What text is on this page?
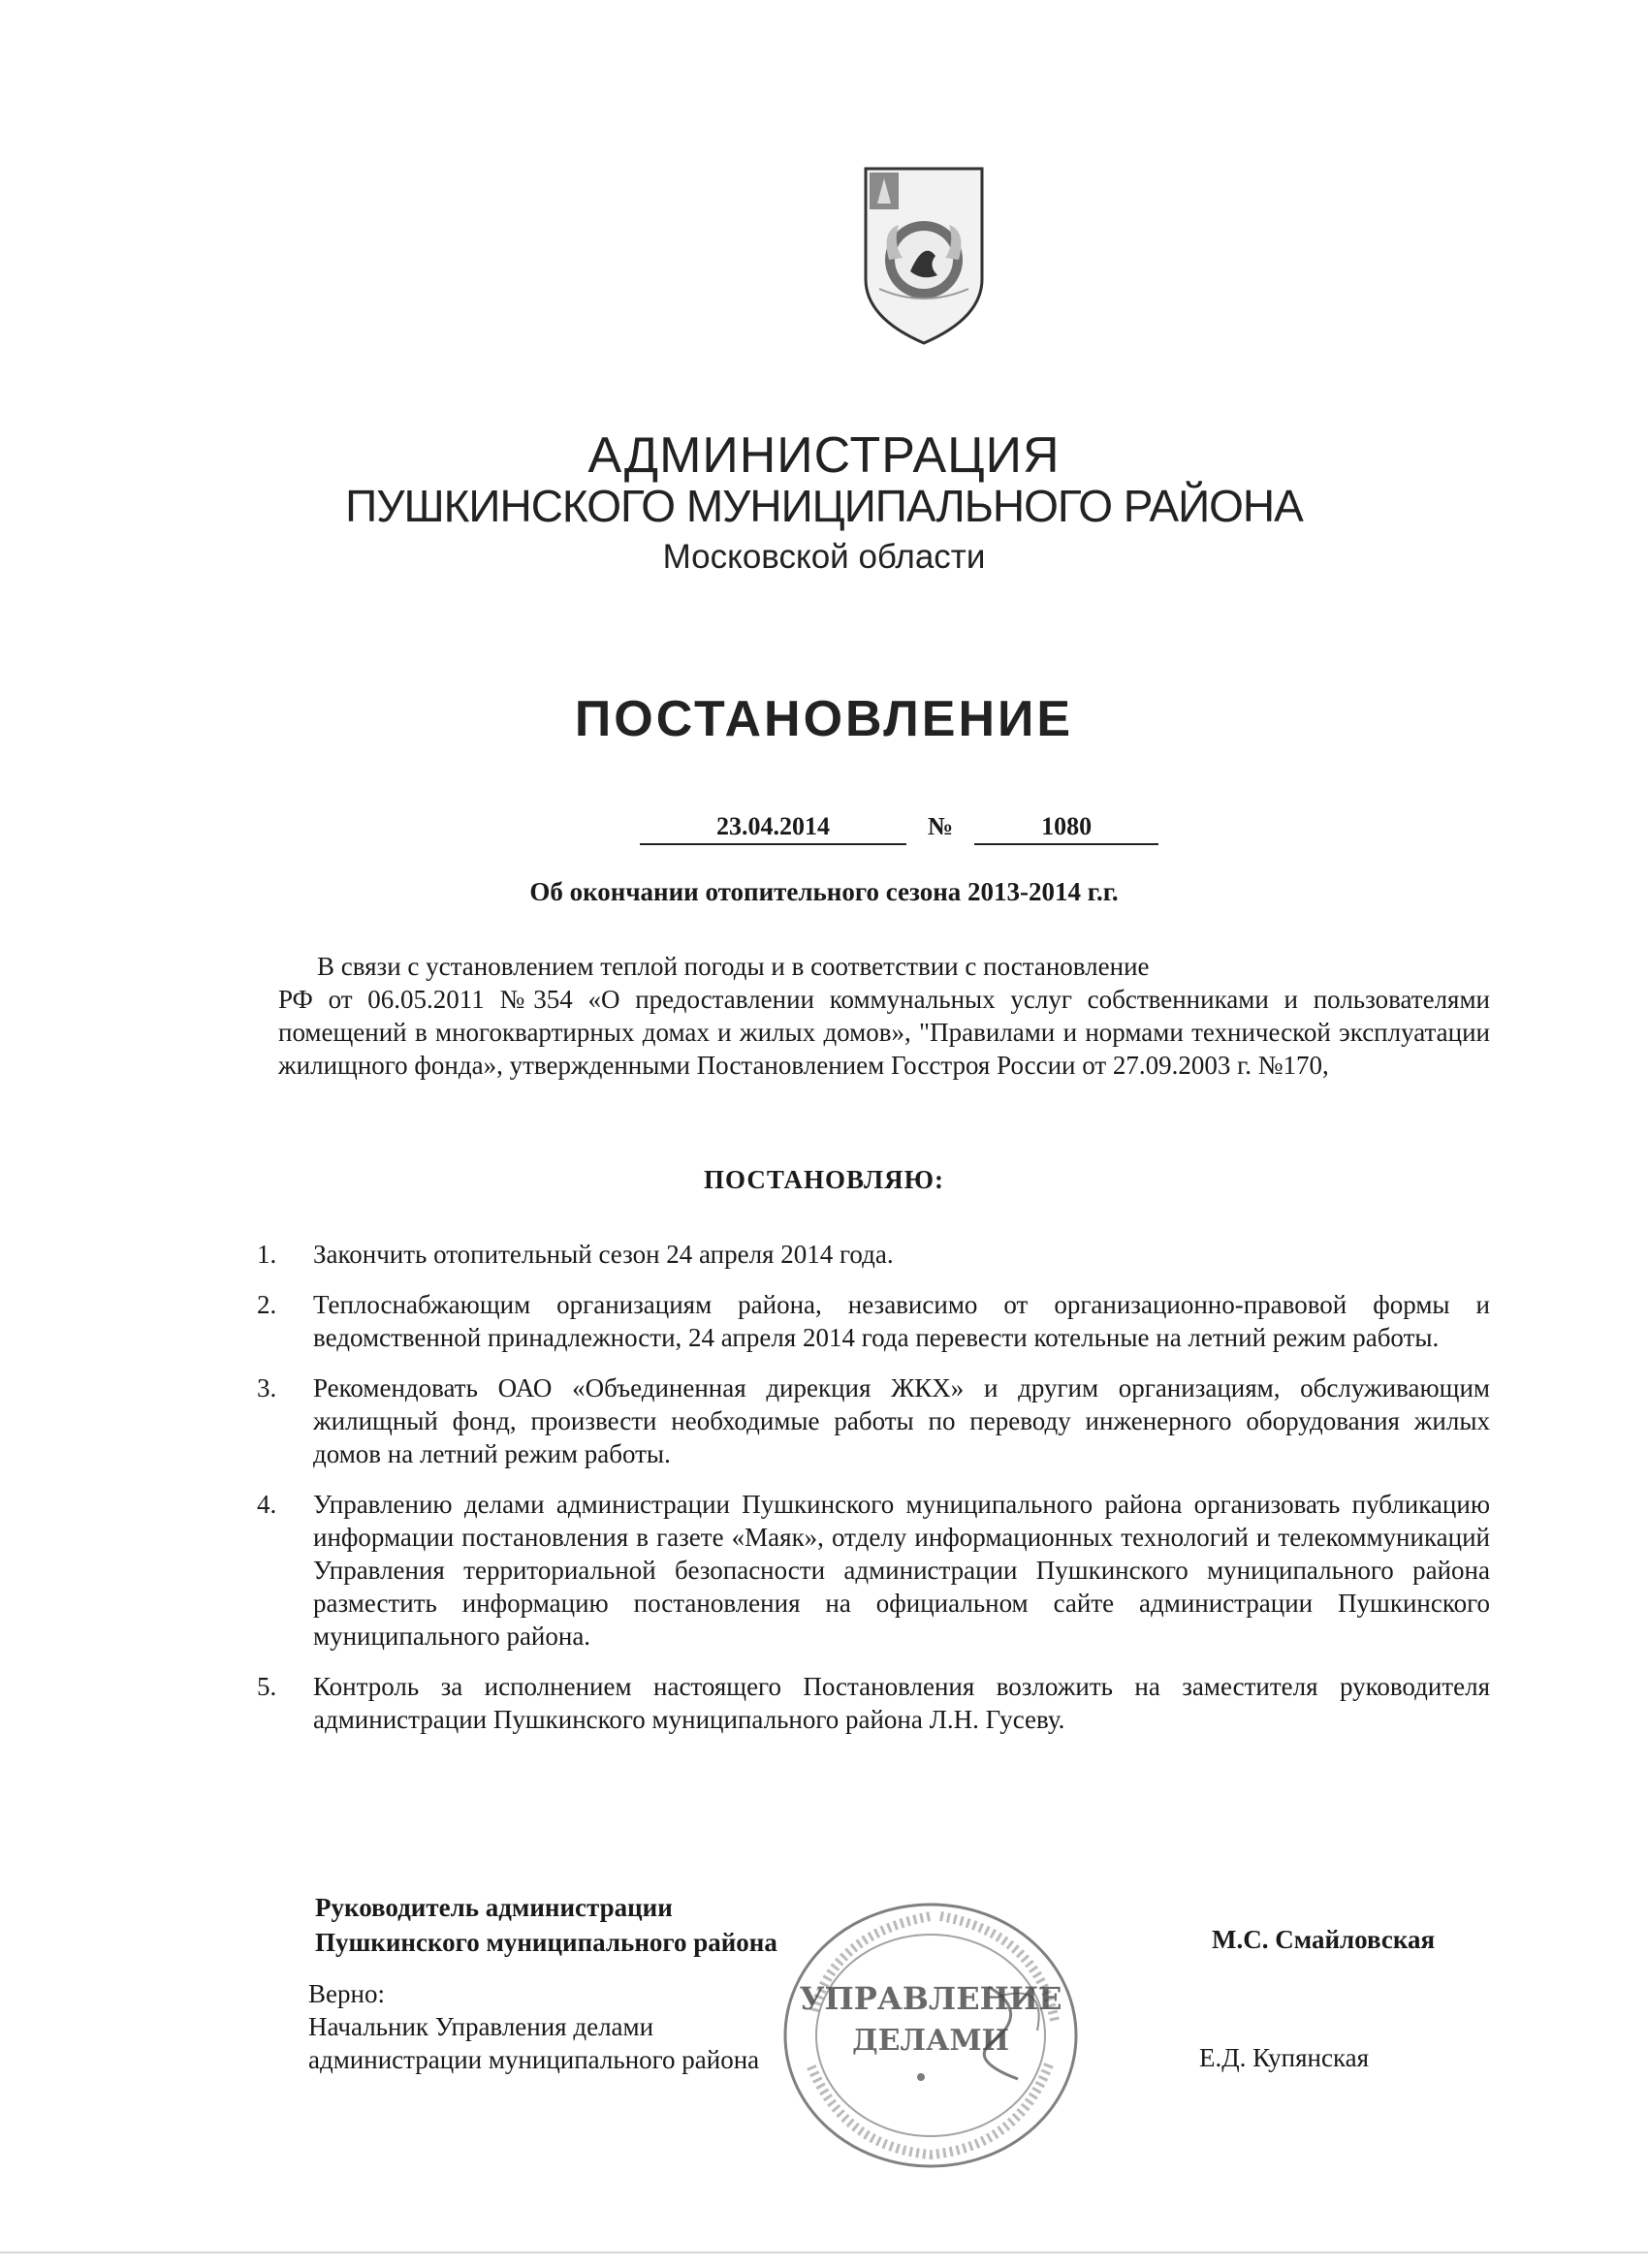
АДМИНИСТРАЦИЯ
ПУШКИНСКОГО МУНИЦИПАЛЬНОГО РАЙОНА
Московской области
ПОСТАНОВЛЕНИЕ
23.04.2014	№	1080
Об окончании отопительного сезона 2013-2014 г.г.
В связи с установлением теплой погоды и в соответствии с постановление
РФ от 06.05.2011 №354 «О предоставлении коммунальных услуг собственниками и пользователями помещений в многоквартирных домах и жилых домов», "Правилами и нормами технической эксплуатации жилищного фонда», утвержденными Постановлением Госстроя России от 27.09.2003 г. №170,
ПОСТАНОВЛЯЮ:
1. Закончить отопительный сезон 24 апреля 2014 года.
2. Теплоснабжающим организациям района, независимо от организационно-правовой формы и ведомственной принадлежности, 24 апреля 2014 года перевести котельные на летний режим работы.
3. Рекомендовать ОАО «Объединенная дирекция ЖКХ» и другим организациям, обслуживающим жилищный фонд, произвести необходимые работы по переводу инженерного оборудования жилых домов на летний режим работы.
4. Управлению делами администрации Пушкинского муниципального района организовать публикацию информации постановления в газете «Маяк», отделу информационных технологий и телекоммуникаций Управления территориальной безопасности администрации Пушкинского муниципального района разместить информацию постановления на официальном сайте администрации Пушкинского муниципального района.
5. Контроль за исполнением настоящего Постановления возложить на заместителя руководителя администрации Пушкинского муниципального района Л.Н. Гусеву.
Руководитель администрации
Пушкинского муниципального района	М.С. Смайловская
Верно:
Начальник Управления делами
администрации муниципального района	Е.Д. Купянская
УПРАВЛЕНИЕ
ДЕЛАМИ
